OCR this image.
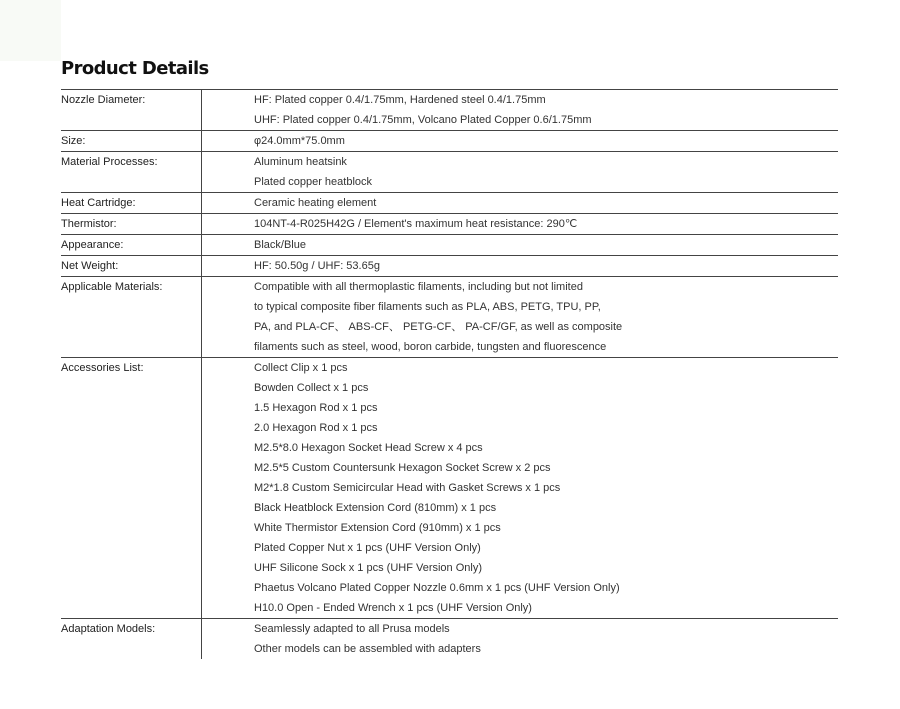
Product Details
Nozzle Diameter:	HF: Plated copper 0.4/1.75mm, Hardened steel 0.4/1.75mm
UHF: Plated copper 0.4/1.75mm, Volcano Plated Copper 0.6/1.75mm
Size:	φ24.0mm*75.0mm
Material Processes:	Aluminum heatsink
Plated copper heatblock
Heat Cartridge:	Ceramic heating element
Thermistor:	104NT-4-R025H42G / Element's maximum heat resistance: 290℃
Appearance:	Black/Blue
Net Weight:	HF: 50.50g / UHF: 53.65g
Applicable Materials:	Compatible with all thermoplastic filaments, including but not limited
to typical composite fiber filaments such as PLA, ABS, PETG, TPU, PP,
PA, and PLA-CF、 ABS-CF、 PETG-CF、 PA-CF/GF, as well as composite
filaments such as steel, wood, boron carbide, tungsten and fluorescence
Accessories List:	Collect Clip x 1 pcs
Bowden Collect x 1 pcs
1.5 Hexagon Rod x 1 pcs
2.0 Hexagon Rod x 1 pcs
M2.5*8.0 Hexagon Socket Head Screw x 4 pcs
M2.5*5 Custom Countersunk Hexagon Socket Screw x 2 pcs
M2*1.8 Custom Semicircular Head with Gasket Screws x 1 pcs
Black Heatblock Extension Cord (810mm) x 1 pcs
White Thermistor Extension Cord (910mm) x 1 pcs
Plated Copper Nut x 1 pcs (UHF Version Only)
UHF Silicone Sock x 1 pcs (UHF Version Only)
Phaetus Volcano Plated Copper Nozzle 0.6mm x 1 pcs (UHF Version Only)
H10.0 Open - Ended Wrench x 1 pcs (UHF Version Only)
Adaptation Models:	Seamlessly adapted to all Prusa models
Other models can be assembled with adapters
